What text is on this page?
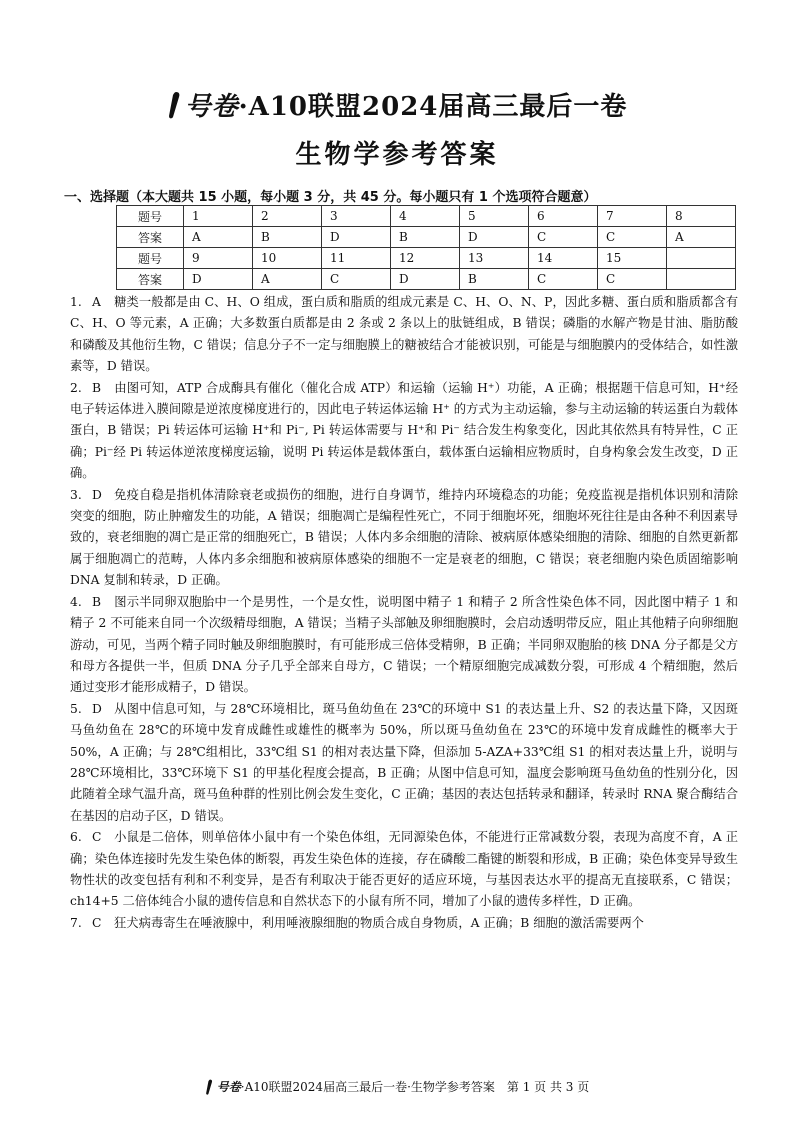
号卷·A10联盟2024届高三最后一卷
生物学参考答案
一、选择题（本大题共 15 小题，每小题 3 分，共 45 分。每小题只有 1 个选项符合题意）
题号	1	2	3	4	5	6	7	8
答案	A	B	D	B	D	C	C	A
题号	9	10	11	12	13	14	15	
答案	D	A	C	D	B	C	C	

1. A 糖类一般都是由 C、H、O 组成，蛋白质和脂质的组成元素是 C、H、O、N、P，因此多糖、蛋白质和脂质都含有 C、H、O 等元素，A 正确；大多数蛋白质都是由 2 条或 2 条以上的肽链组成，B 错误；磷脂的水解产物是甘油、脂肪酸和磷酸及其他衍生物，C 错误；信息分子不一定与细胞膜上的糖被结合才能被识别，可能是与细胞膜内的受体结合，如性激素等，D 错误。

2. B 由图可知，ATP 合成酶具有催化（催化合成 ATP）和运输（运输 H⁺）功能，A 正确；根据题干信息可知，H⁺经电子转运体进入膜间隙是逆浓度梯度进行的，因此电子转运体运输 H⁺ 的方式为主动运输，参与主动运输的转运蛋白为载体蛋白，B 错误；Pi 转运体可运输 H⁺和 Pi⁻, Pi 转运体需要与 H⁺和 Pi⁻ 结合发生构象变化，因此其依然具有特异性，C 正确；Pi⁻经 Pi 转运体逆浓度梯度运输，说明 Pi 转运体是载体蛋白，载体蛋白运输相应物质时，自身构象会发生改变，D 正确。

3. D 免疫自稳是指机体清除衰老或损伤的细胞，进行自身调节，维持内环境稳态的功能；免疫监视是指机体识别和清除突变的细胞，防止肿瘤发生的功能，A 错误；细胞凋亡是编程性死亡，不同于细胞坏死，细胞坏死往往是由各种不利因素导致的，衰老细胞的凋亡是正常的细胞死亡，B 错误；人体内多余细胞的清除、被病原体感染细胞的清除、细胞的自然更新都属于细胞凋亡的范畴，人体内多余细胞和被病原体感染的细胞不一定是衰老的细胞，C 错误；衰老细胞内染色质固缩影响 DNA 复制和转录，D 正确。

4. B 图示半同卵双胞胎中一个是男性，一个是女性，说明图中精子 1 和精子 2 所含性染色体不同，因此图中精子 1 和精子 2 不可能来自同一个次级精母细胞，A 错误；当精子头部触及卵细胞膜时，会启动透明带反应，阻止其他精子向卵细胞游动，可见，当两个精子同时触及卵细胞膜时，有可能形成三倍体受精卵，B 正确；半同卵双胞胎的核 DNA 分子都是父方和母方各提供一半，但质 DNA 分子几乎全部来自母方，C 错误；一个精原细胞完成减数分裂，可形成 4 个精细胞，然后通过变形才能形成精子，D 错误。

5. D 从图中信息可知，与 28℃环境相比，斑马鱼幼鱼在 23℃的环境中 S1 的表达量上升、S2 的表达量下降，又因斑马鱼幼鱼在 28℃的环境中发育成雌性或雄性的概率为 50%，所以斑马鱼幼鱼在 23℃的环境中发育成雌性的概率大于 50%，A 正确；与 28℃组相比，33℃组 S1 的相对表达量下降，但添加 5-AZA+33℃组 S1 的相对表达量上升，说明与 28℃环境相比，33℃环境下 S1 的甲基化程度会提高，B 正确；从图中信息可知，温度会影响斑马鱼幼鱼的性别分化，因此随着全球气温升高，斑马鱼种群的性别比例会发生变化，C 正确；基因的表达包括转录和翻译，转录时 RNA 聚合酶结合在基因的启动子区，D 错误。

6. C 小鼠是二倍体，则单倍体小鼠中有一个染色体组，无同源染色体，不能进行正常减数分裂，表现为高度不育，A 正确；染色体连接时先发生染色体的断裂，再发生染色体的连接，存在磷酸二酯键的断裂和形成，B 正确；染色体变异导致生物性状的改变包括有利和不利变异，是否有利取决于能否更好的适应环境，与基因表达水平的提高无直接联系，C 错误；ch14+5 二倍体纯合小鼠的遗传信息和自然状态下的小鼠有所不同，增加了小鼠的遗传多样性，D 正确。

7. C 狂犬病毒寄生在唾液腺中，利用唾液腺细胞的物质合成自身物质，A 正确；B 细胞的激活需要两个

号卷·A10联盟2024届高三最后一卷·生物学参考答案　第 1 页 共 3 页
